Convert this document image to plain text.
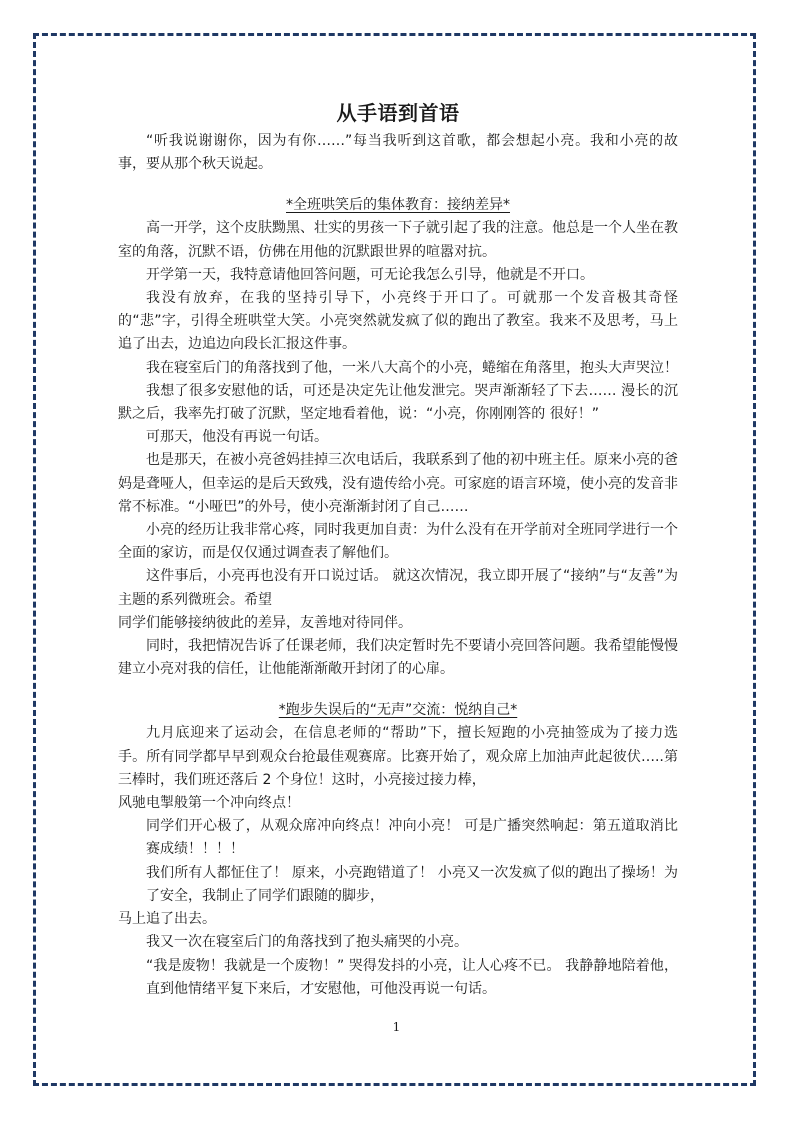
从手语到首语

“听我说谢谢你，因为有你……”每当我听到这首歌，都会想起小亮。我和小亮的故事，要从那个秋天说起。

*全班哄笑后的集体教育：接纳差异*

高一开学，这个皮肤黝黑、壮实的男孩一下子就引起了我的注意。他总是一个人坐在教室的角落，沉默不语，仿佛在用他的沉默跟世界的喧嚣对抗。

开学第一天，我特意请他回答问题，可无论我怎么引导，他就是不开口。

我没有放弃，在我的坚持引导下，小亮终于开口了。可就那一个发音极其奇怪的“悲”字，引得全班哄堂大笑。小亮突然就发疯了似的跑出了教室。我来不及思考，马上追了出去，边追边向段长汇报这件事。

我在寝室后门的角落找到了他，一米八大高个的小亮，蜷缩在角落里，抱头大声哭泣！

我想了很多安慰他的话，可还是决定先让他发泄完。哭声渐渐轻了下去…… 漫长的沉默之后，我率先打破了沉默，坚定地看着他，说：“小亮，你刚刚答的 很好！”

可那天，他没有再说一句话。

也是那天，在被小亮爸妈挂掉三次电话后，我联系到了他的初中班主任。原来小亮的爸妈是聋哑人，但幸运的是后天致残，没有遗传给小亮。可家庭的语言环境，使小亮的发音非常不标准。“小哑巴”的外号，使小亮渐渐封闭了自己……

小亮的经历让我非常心疼，同时我更加自责：为什么没有在开学前对全班同学进行一个全面的家访，而是仅仅通过调查表了解他们。

这件事后，小亮再也没有开口说过话。 就这次情况，我立即开展了“接纳”与“友善”为主题的系列微班会。希望

同学们能够接纳彼此的差异，友善地对待同伴。

同时，我把情况告诉了任课老师，我们决定暂时先不要请小亮回答问题。我希望能慢慢建立小亮对我的信任，让他能渐渐敞开封闭了的心扉。

*跑步失误后的“无声”交流：悦纳自己*

九月底迎来了运动会，在信息老师的“帮助”下，擅长短跑的小亮抽签成为了接力选手。所有同学都早早到观众台抢最佳观赛席。比赛开始了，观众席上加油声此起彼伏…..第三棒时，我们班还落后 2 个身位！这时，小亮接过接力棒，

风驰电掣般第一个冲向终点！

同学们开心极了，从观众席冲向终点！冲向小亮！ 可是广播突然响起：第五道取消比赛成绩！！！！

我们所有人都怔住了！ 原来，小亮跑错道了！ 小亮又一次发疯了似的跑出了操场！为了安全，我制止了同学们跟随的脚步，

马上追了出去。

我又一次在寝室后门的角落找到了抱头痛哭的小亮。

“我是废物！我就是一个废物！” 哭得发抖的小亮，让人心疼不已。 我静静地陪着他，直到他情绪平复下来后，才安慰他，可他没再说一句话。

1
